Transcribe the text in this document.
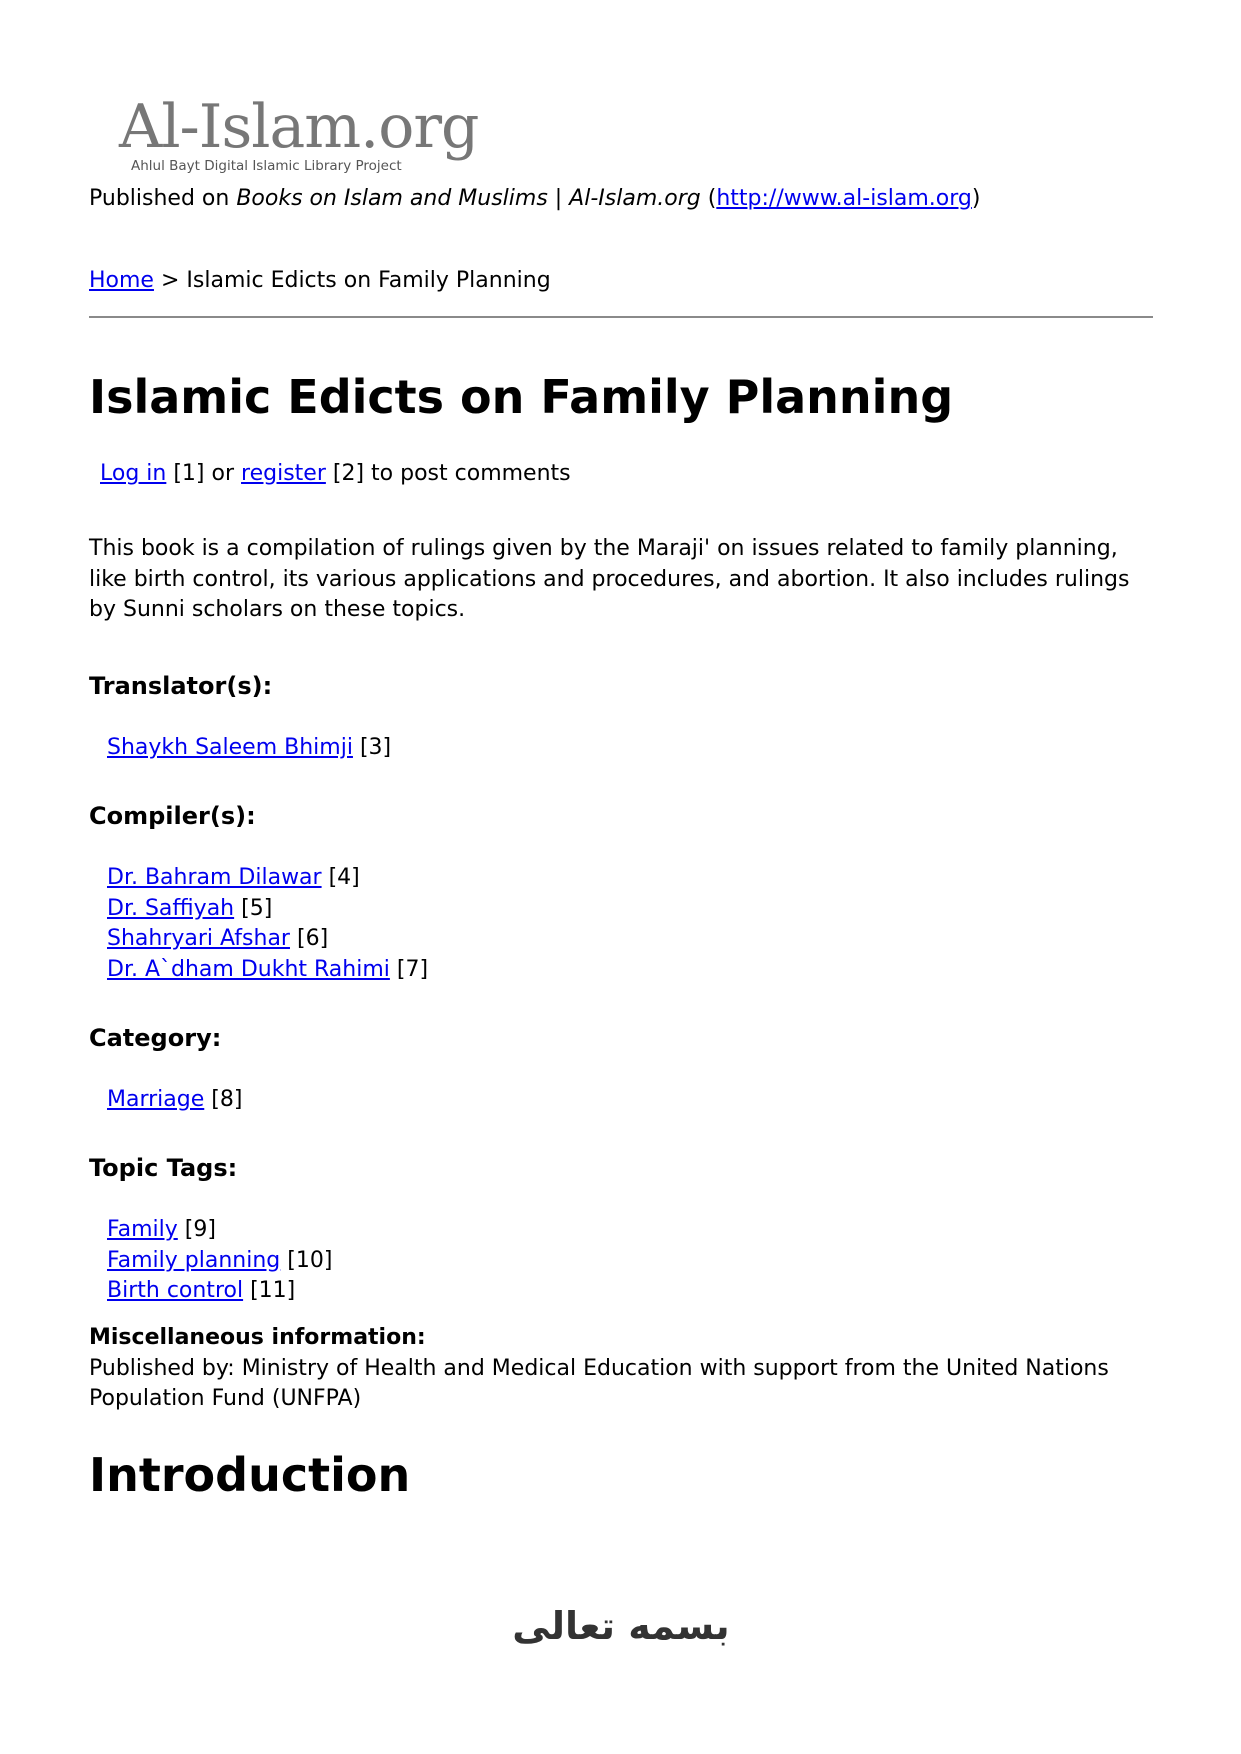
Al-Islam.org
Ahlul Bayt Digital Islamic Library Project
Published on Books on Islam and Muslims | Al-Islam.org (http://www.al-islam.org)
Home > Islamic Edicts on Family Planning
Islamic Edicts on Family Planning
Log in [1] or register [2] to post comments
This book is a compilation of rulings given by the Maraji' on issues related to family planning, like birth control, its various applications and procedures, and abortion. It also includes rulings by Sunni scholars on these topics.
Translator(s):
Shaykh Saleem Bhimji [3]
Compiler(s):
Dr. Bahram Dilawar [4]
Dr. Saffiyah [5]
Shahryari Afshar [6]
Dr. A`dham Dukht Rahimi [7]
Category:
Marriage [8]
Topic Tags:
Family [9]
Family planning [10]
Birth control [11]
Miscellaneous information:
Published by: Ministry of Health and Medical Education with support from the United Nations Population Fund (UNFPA)
Introduction
بسمه تعالى
